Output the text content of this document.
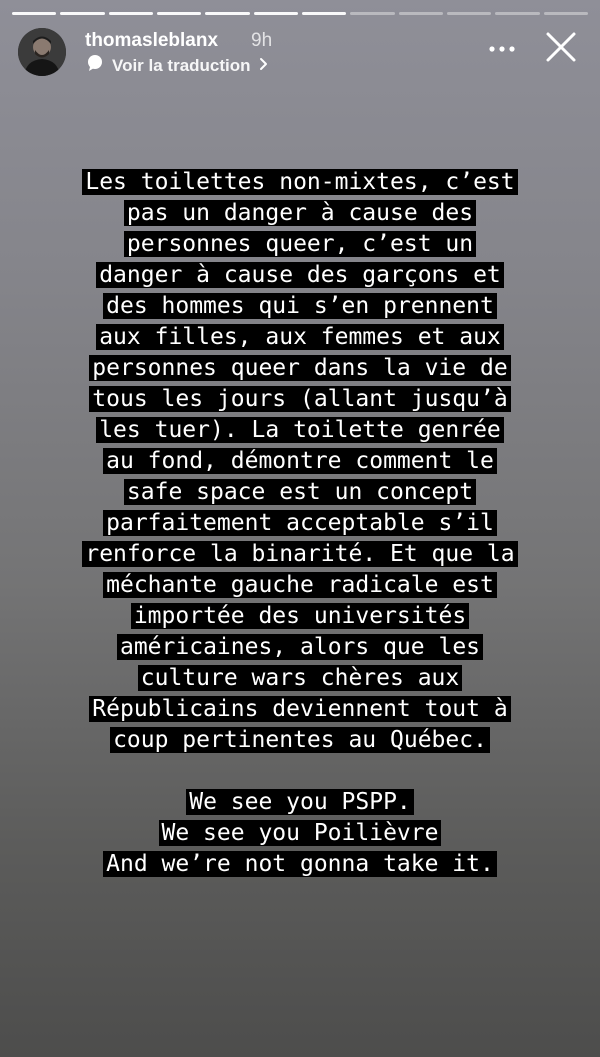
thomasleblanx 9h
Voir la traduction
Les toilettes non-mixtes, c’est
pas un danger à cause des
personnes queer, c’est un
danger à cause des garçons et
des hommes qui s’en prennent
aux filles, aux femmes et aux
personnes queer dans la vie de
tous les jours (allant jusqu’à
les tuer). La toilette genrée
au fond, démontre comment le
safe space est un concept
parfaitement acceptable s’il
renforce la binarité. Et que la
méchante gauche radicale est
importée des universités
américaines, alors que les
culture wars chères aux
Républicains deviennent tout à
coup pertinentes au Québec.
We see you PSPP.
We see you Poilièvre
And we’re not gonna take it.
